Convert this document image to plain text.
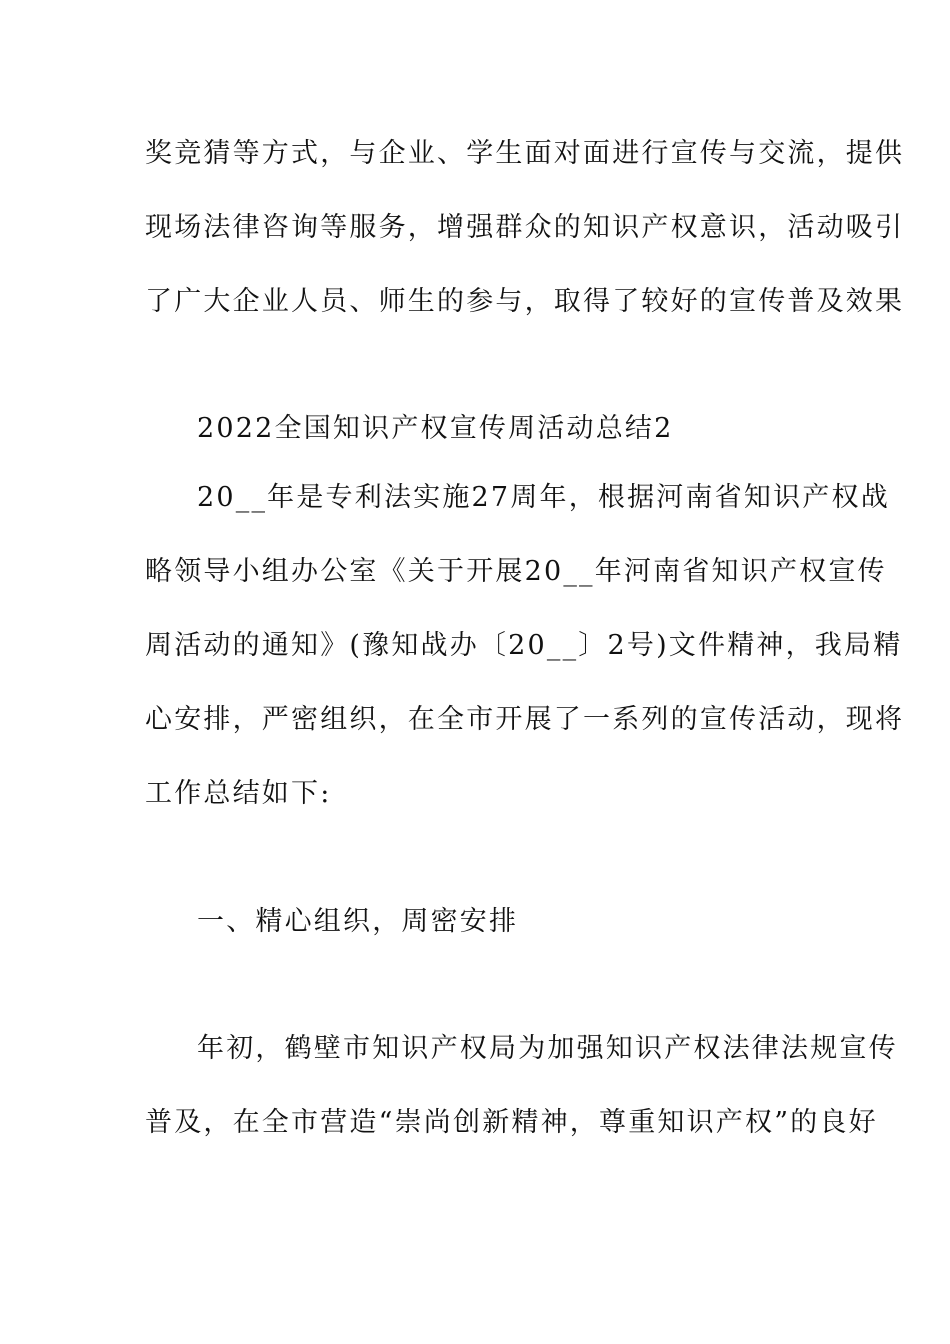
奖竞猜等方式，与企业、学生面对面进行宣传与交流，提供
现场法律咨询等服务，增强群众的知识产权意识，活动吸引
了广大企业人员、师生的参与，取得了较好的宣传普及效果
2022全国知识产权宣传周活动总结2
20__年是专利法实施27周年，根据河南省知识产权战
略领导小组办公室《关于开展20__年河南省知识产权宣传
周活动的通知》(豫知战办〔20__〕2号)文件精神，我局精
心安排，严密组织，在全市开展了一系列的宣传活动，现将
工作总结如下:
一、精心组织，周密安排
年初，鹤壁市知识产权局为加强知识产权法律法规宣传
普及，在全市营造“崇尚创新精神，尊重知识产权”的良好
